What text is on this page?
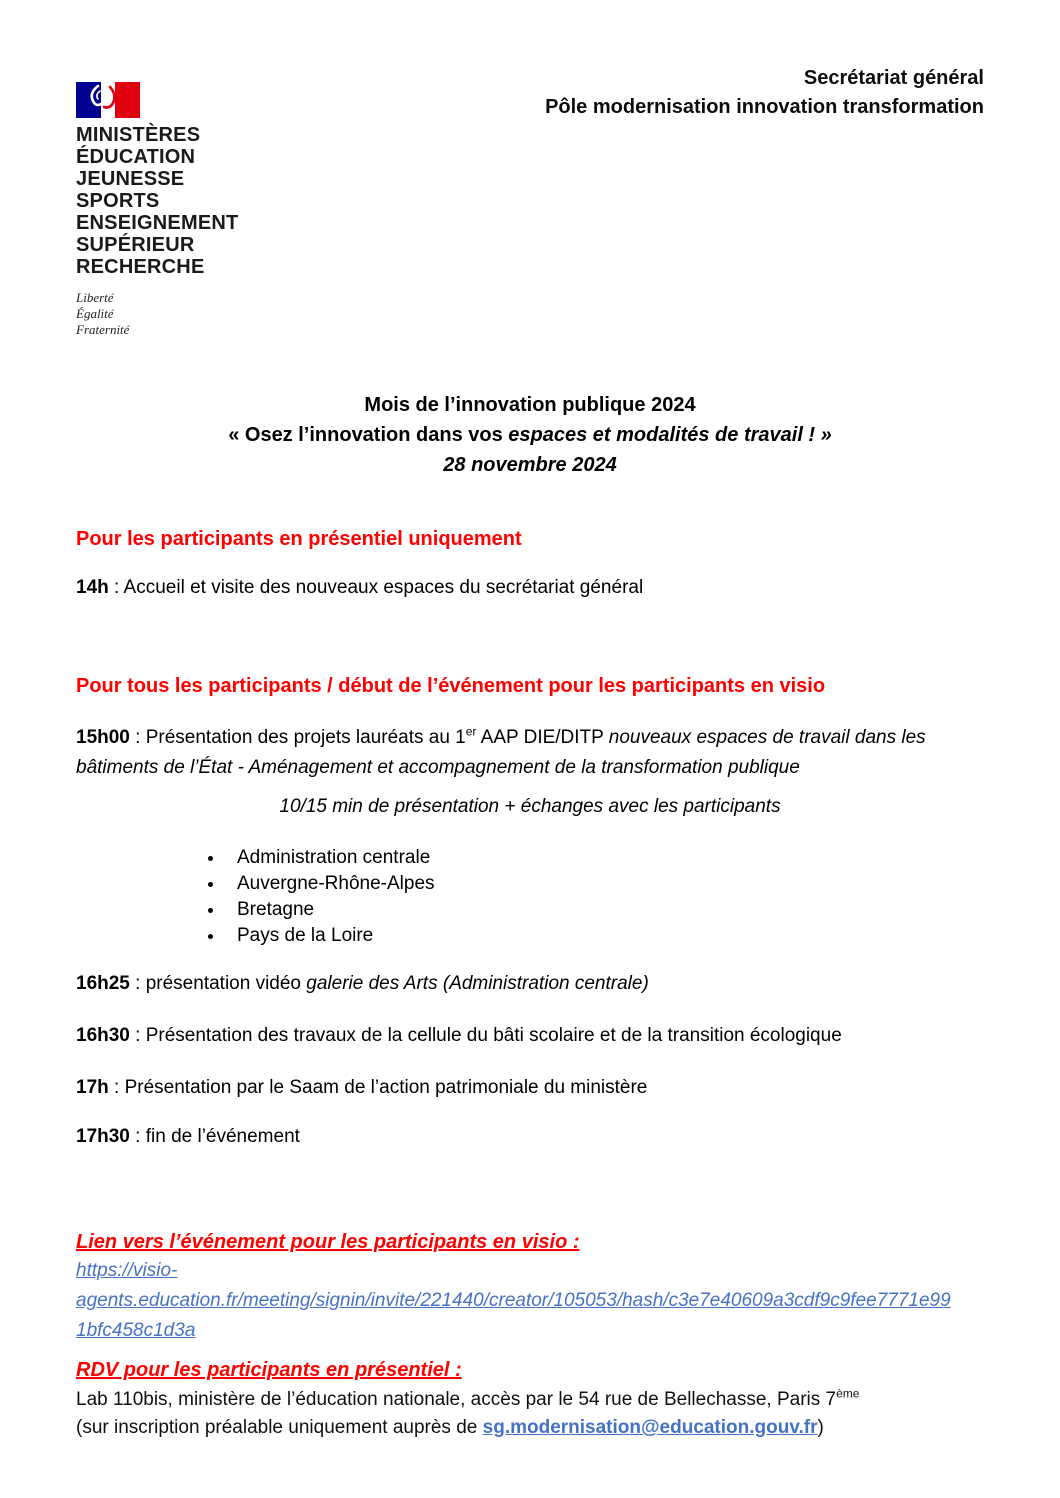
MINISTÈRES
ÉDUCATION
JEUNESSE
SPORTS
ENSEIGNEMENT
SUPÉRIEUR
RECHERCHE
Liberté
Égalité
Fraternité
Secrétariat général
Pôle modernisation innovation transformation
Mois de l’innovation publique 2024
« Osez l’innovation dans vos espaces et modalités de travail ! »
28 novembre 2024
Pour les participants en présentiel uniquement

14h : Accueil et visite des nouveaux espaces du secrétariat général

Pour tous les participants / début de l’événement pour les participants en visio

15h00 : Présentation des projets lauréats au 1er AAP DIE/DITP nouveaux espaces de travail dans les bâtiments de l’État - Aménagement et accompagnement de la transformation publique

10/15 min de présentation + échanges avec les participants

• Administration centrale
• Auvergne-Rhône-Alpes
• Bretagne
• Pays de la Loire

16h25 : présentation vidéo galerie des Arts (Administration centrale)

16h30 : Présentation des travaux de la cellule du bâti scolaire et de la transition écologique

17h : Présentation par le Saam de l’action patrimoniale du ministère

17h30 : fin de l’événement

Lien vers l’événement pour les participants en visio :
https://visio-
agents.education.fr/meeting/signin/invite/221440/creator/105053/hash/c3e7e40609a3cdf9c9fee7771e99
1bfc458c1d3a
RDV pour les participants en présentiel :

Lab 110bis, ministère de l’éducation nationale, accès par le 54 rue de Bellechasse, Paris 7ème

(sur inscription préalable uniquement auprès de sg.modernisation@education.gouv.fr)
